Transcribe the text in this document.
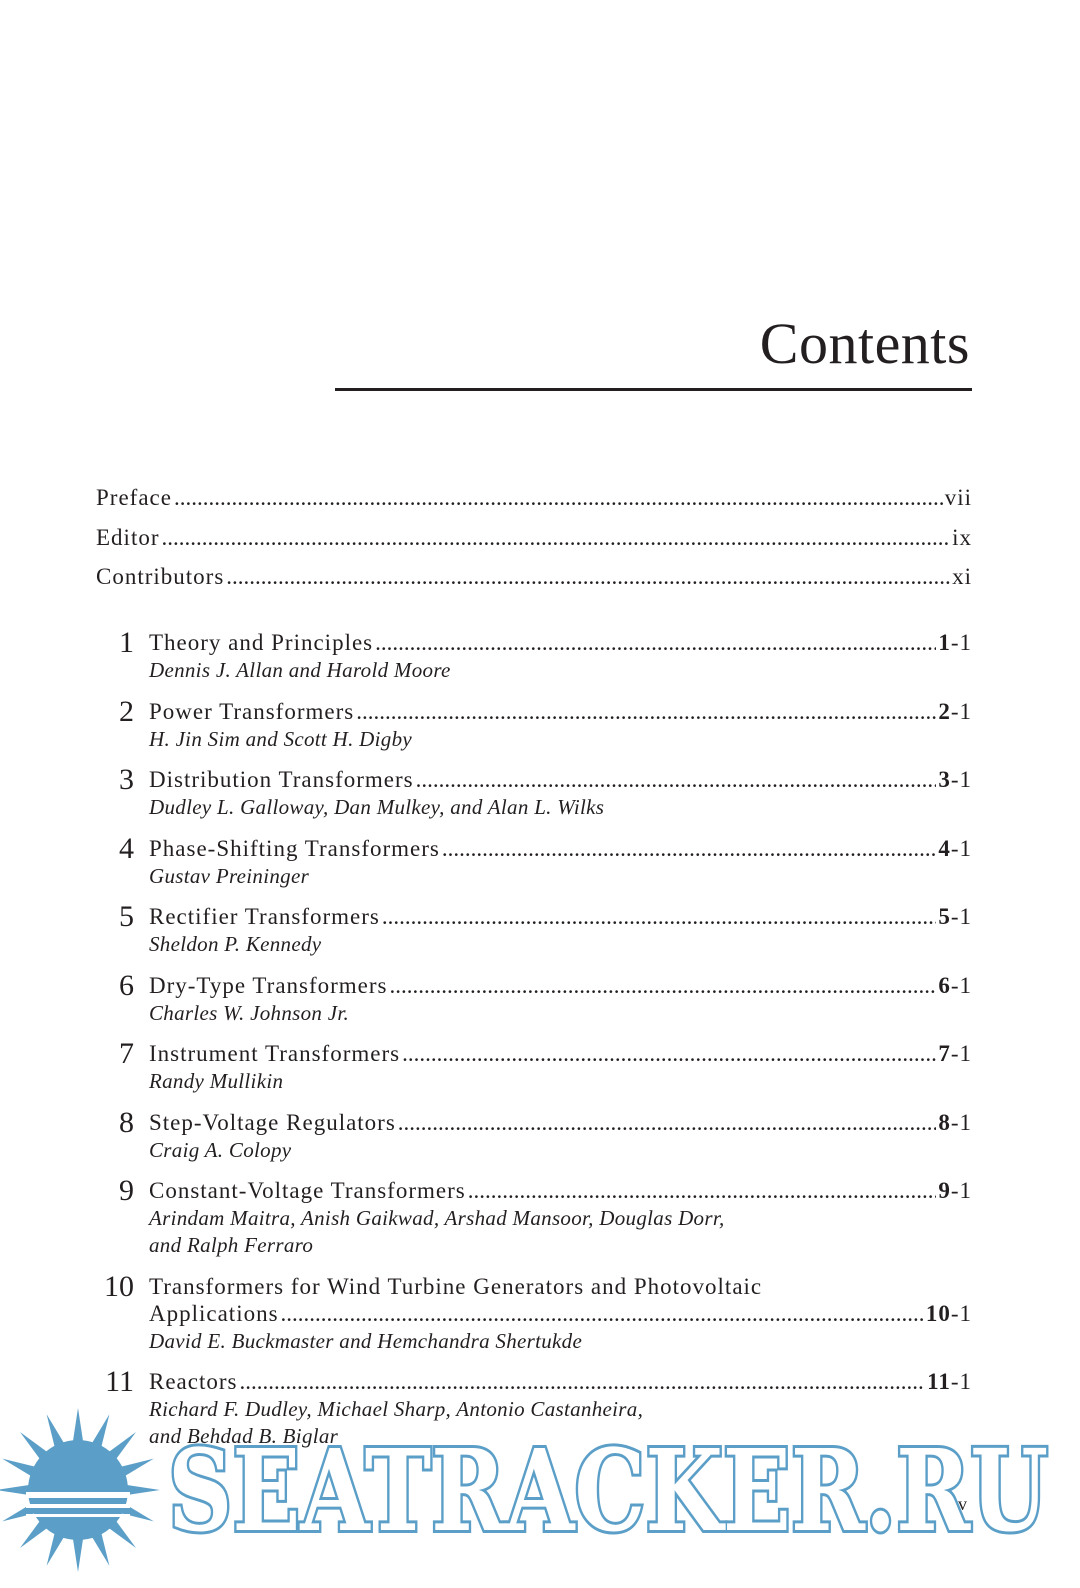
Contents
Preface .....	vii
Editor .....	ix
Contributors .....	xi
1 Theory and Principles .....	1-1
Dennis J. Allan and Harold Moore
2 Power Transformers .....	2-1
H. Jin Sim and Scott H. Digby
3 Distribution Transformers .....	3-1
Dudley L. Galloway, Dan Mulkey, and Alan L. Wilks
4 Phase-Shifting Transformers .....	4-1
Gustav Preininger
5 Rectifier Transformers .....	5-1
Sheldon P. Kennedy
6 Dry-Type Transformers .....	6-1
Charles W. Johnson Jr.
7 Instrument Transformers .....	7-1
Randy Mullikin
8 Step-Voltage Regulators .....	8-1
Craig A. Colopy
9 Constant-Voltage Transformers .....	9-1
Arindam Maitra, Anish Gaikwad, Arshad Mansoor, Douglas Dorr,
and Ralph Ferraro
10 Transformers for Wind Turbine Generators and Photovoltaic
Applications .....	10-1
David E. Buckmaster and Hemchandra Shertukde
11 Reactors .....	11-1
Richard F. Dudley, Michael Sharp, Antonio Castanheira,
and Behdad B. Biglar
v
SEATRACKER.RU
